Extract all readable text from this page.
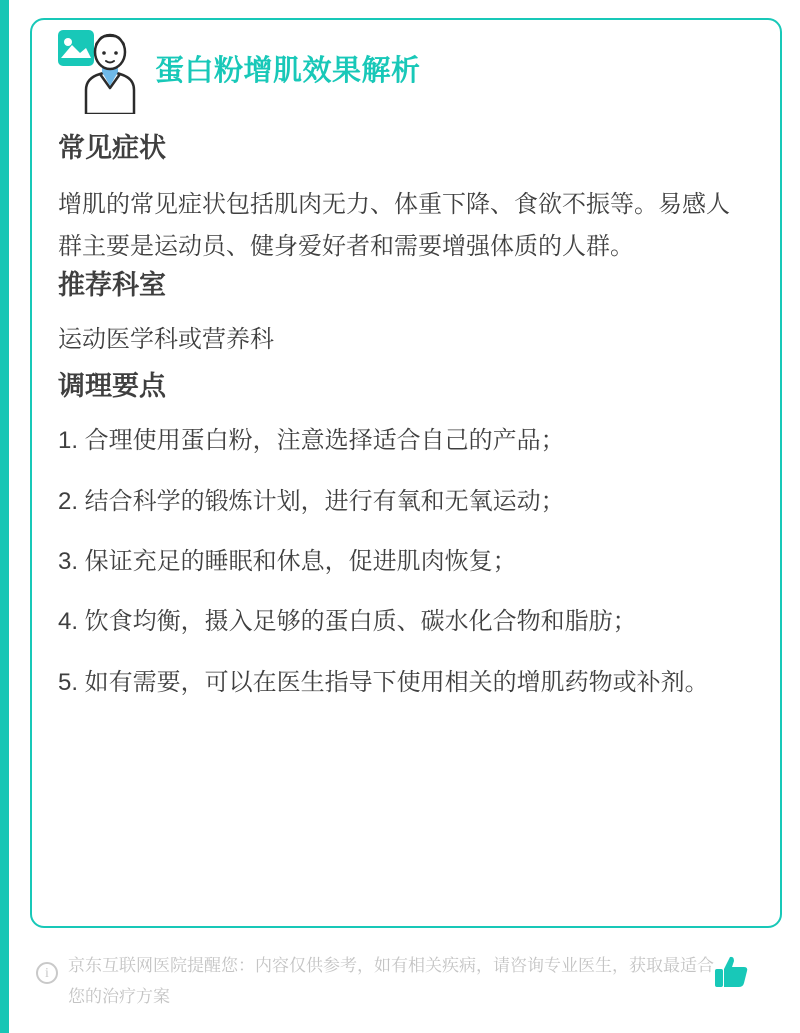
蛋白粉增肌效果解析
常见症状

增肌的常见症状包括肌肉无力、体重下降、食欲不振等。易感人群主要是运动员、健身爱好者和需要增强体质的人群。

推荐科室

运动医学科或营养科

调理要点
1. 合理使用蛋白粉，注意选择适合自己的产品；
2. 结合科学的锻炼计划，进行有氧和无氧运动；
3. 保证充足的睡眠和休息，促进肌肉恢复；
4. 饮食均衡，摄入足够的蛋白质、碳水化合物和脂肪；
5. 如有需要，可以在医生指导下使用相关的增肌药物或补剂。
i	京东互联网医院提醒您：内容仅供参考，如有相关疾病，请咨询专业医生，获取最适合您的治疗方案
